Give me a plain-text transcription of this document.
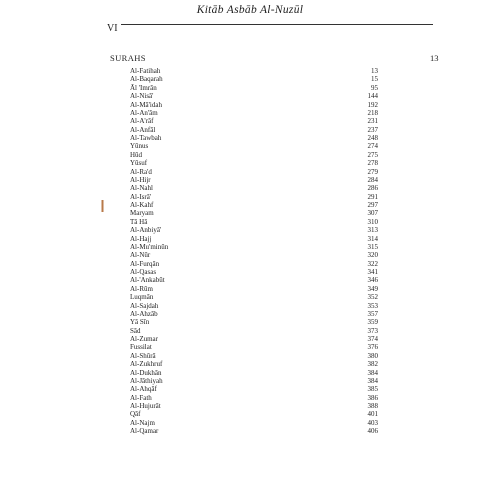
Kitāb Asbāb Al-Nuzūl
VI
SURAHS	13
Al-Fatihah	13
Al-Baqarah	15
Āl 'Imrān	95
Al-Nisā'	144
Al-Mā'idah	192
Al-An'ām	218
Al-A'rāf	231
Al-Anfāl	237
Al-Tawbah	248
Yūnus	274
Hūd	275
Yūsuf	278
Al-Ra'd	279
Al-Hijr	284
Al-Nahl	286
Al-Isrā'	291
Al-Kahf	297
Maryam	307
Tā Hā	310
Al-Anbiyā'	313
Al-Hajj	314
Al-Mu'minūn	315
Al-Nūr	320
Al-Furqān	322
Al-Qasas	341
Al-'Ankabūt	346
Al-Rūm	349
Luqmān	352
Al-Sajdah	353
Al-Ahzāb	357
Yā Sīn	359
Sād	373
Al-Zumar	374
Fussilat	376
Al-Shūrā	380
Al-Zukhruf	382
Al-Dukhān	384
Al-Jāthiyah	384
Al-Ahqāf	385
Al-Fath	386
Al-Hujurāt	388
Qāf	401
Al-Najm	403
Al-Qamar	406
